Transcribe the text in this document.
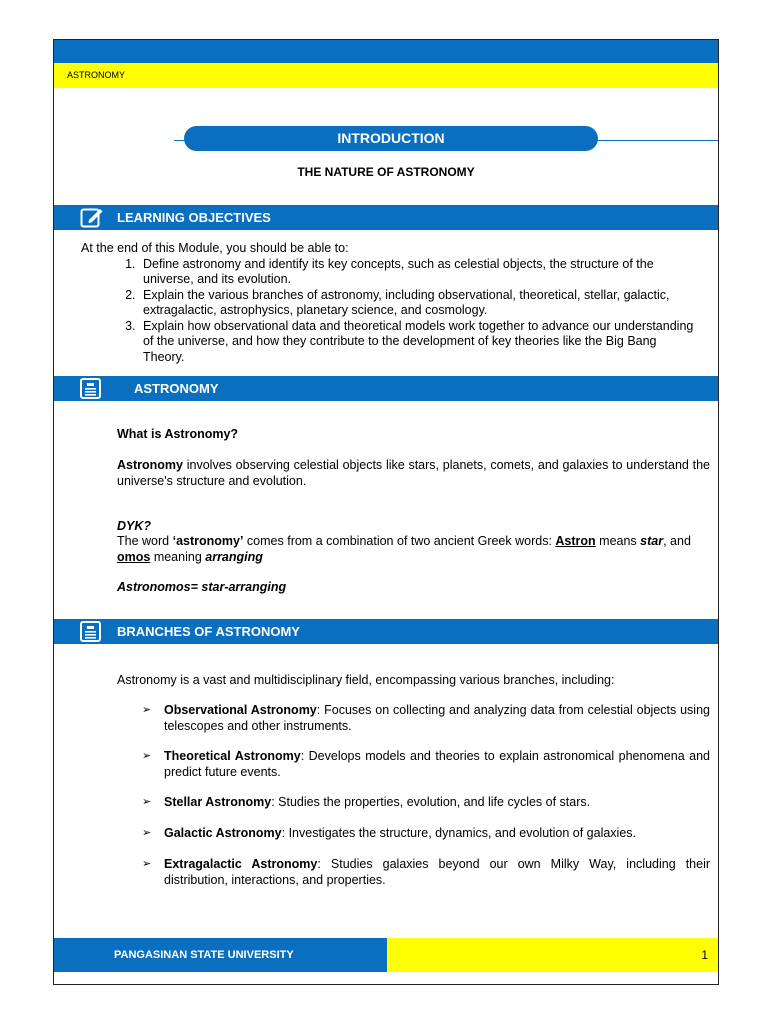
ASTRONOMY
INTRODUCTION
THE NATURE OF ASTRONOMY
LEARNING OBJECTIVES
At the end of this Module, you should be able to:
1. Define astronomy and identify its key concepts, such as celestial objects, the structure of the universe, and its evolution.
2. Explain the various branches of astronomy, including observational, theoretical, stellar, galactic, extragalactic, astrophysics, planetary science, and cosmology.
3. Explain how observational data and theoretical models work together to advance our understanding of the universe, and how they contribute to the development of key theories like the Big Bang Theory.
ASTRONOMY
What is Astronomy?
Astronomy involves observing celestial objects like stars, planets, comets, and galaxies to understand the universe's structure and evolution.
DYK?
The word ‘astronomy’ comes from a combination of two ancient Greek words: Astron means star, and omos meaning arranging
Astronomos= star-arranging
BRANCHES OF ASTRONOMY
Astronomy is a vast and multidisciplinary field, encompassing various branches, including:
➢ Observational Astronomy: Focuses on collecting and analyzing data from celestial objects using telescopes and other instruments.
➢ Theoretical Astronomy: Develops models and theories to explain astronomical phenomena and predict future events.
➢ Stellar Astronomy: Studies the properties, evolution, and life cycles of stars.
➢ Galactic Astronomy: Investigates the structure, dynamics, and evolution of galaxies.
➢ Extragalactic Astronomy: Studies galaxies beyond our own Milky Way, including their distribution, interactions, and properties.
PANGASINAN STATE UNIVERSITY	1
